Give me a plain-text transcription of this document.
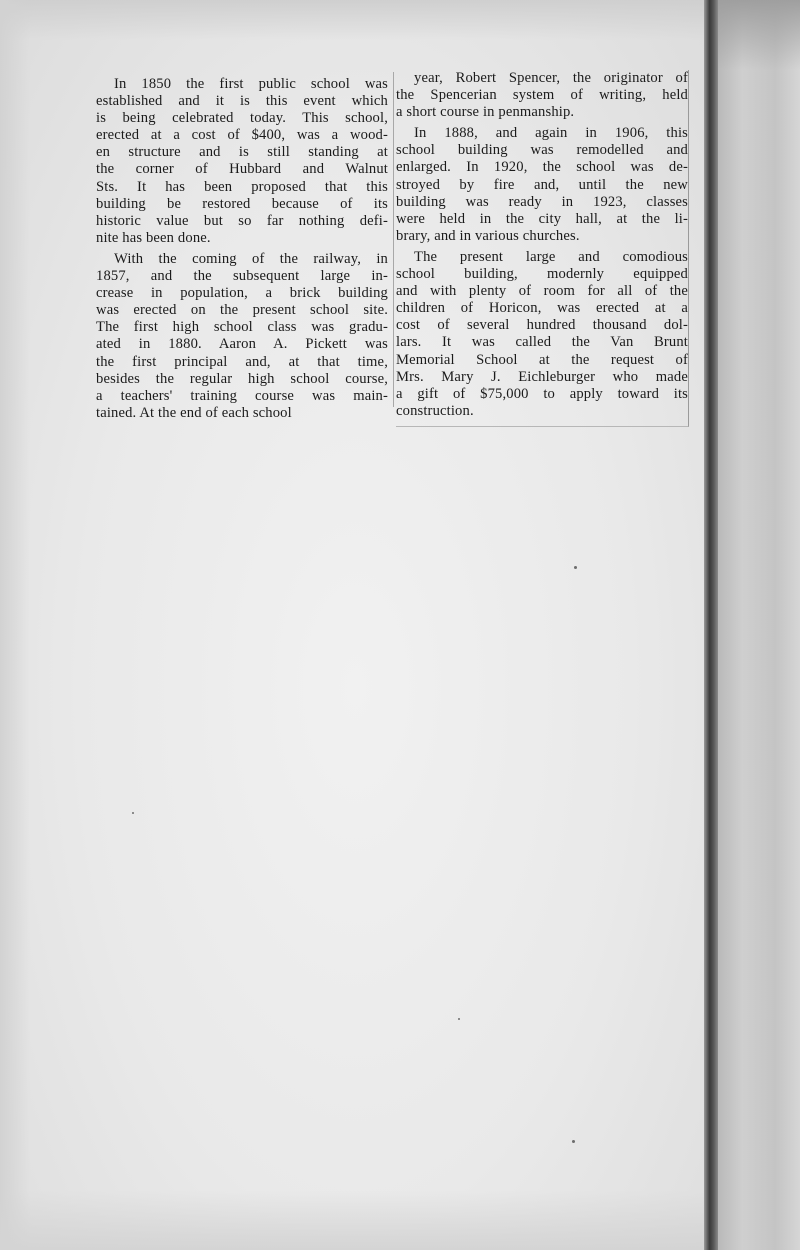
In 1850 the first public school was
established and it is this event which
is being celebrated today. This school,
erected at a cost of $400, was a wood-
en structure and is still standing at
the corner of Hubbard and Walnut
Sts. It has been proposed that this
building be restored because of its
historic value but so far nothing defi-
nite has been done.
With the coming of the railway, in
1857, and the subsequent large in-
crease in population, a brick building
was erected on the present school site.
The first high school class was gradu-
ated in 1880. Aaron A. Pickett was
the first principal and, at that time,
besides the regular high school course,
a teachers' training course was main-
tained. At the end of each school
year, Robert Spencer, the originator of
the Spencerian system of writing, held
a short course in penmanship.
In 1888, and again in 1906, this
school building was remodelled and
enlarged. In 1920, the school was de-
stroyed by fire and, until the new
building was ready in 1923, classes
were held in the city hall, at the li-
brary, and in various churches.
The present large and comodious
school building, modernly equipped
and with plenty of room for all of the
children of Horicon, was erected at a
cost of several hundred thousand dol-
lars. It was called the Van Brunt
Memorial School at the request of
Mrs. Mary J. Eichleburger who made
a gift of $75,000 to apply toward its
construction.
